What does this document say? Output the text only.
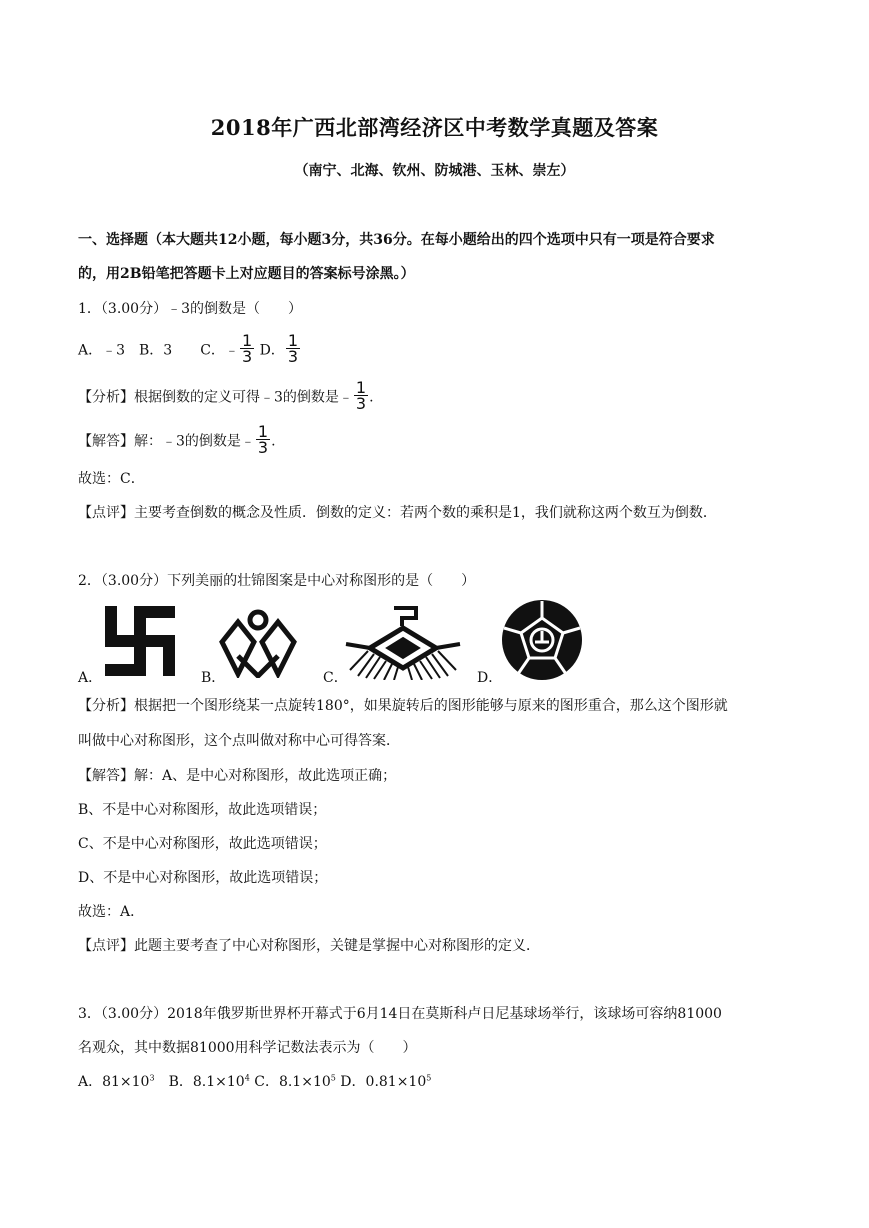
2018年广西北部湾经济区中考数学真题及答案
（南宁、北海、钦州、防城港、玉林、崇左）
一、选择题（本大题共12小题，每小题3分，共36分。在每小题给出的四个选项中只有一项是符合要求
的，用2B铅笔把答题卡上对应题目的答案标号涂黑。）
1．（3.00分）﹣3的倒数是（　　）
A．﹣3　B．3　　C．﹣ $\frac{1}{3}$ D． $\frac{1}{3}$
【分析】根据倒数的定义可得﹣3的倒数是﹣ $\frac{1}{3}$ .
【解答】解：﹣3的倒数是﹣ $\frac{1}{3}$ .
故选：C．
【点评】主要考查倒数的概念及性质．倒数的定义：若两个数的乘积是1，我们就称这两个数互为倒数．
2．（3.00分）下列美丽的壮锦图案是中心对称图形的是（　　）
A．	B．	C．	D．
【分析】根据把一个图形绕某一点旋转180°，如果旋转后的图形能够与原来的图形重合，那么这个图形就
叫做中心对称图形，这个点叫做对称中心可得答案．
【解答】解：A、是中心对称图形，故此选项正确；
B、不是中心对称图形，故此选项错误；
C、不是中心对称图形，故此选项错误；
D、不是中心对称图形，故此选项错误；
故选：A．
【点评】此题主要考查了中心对称图形，关键是掌握中心对称图形的定义．
3．（3.00分）2018年俄罗斯世界杯开幕式于6月14日在莫斯科卢日尼基球场举行，该球场可容纳81000
名观众，其中数据81000用科学记数法表示为（　　）
A．$81\times 10^3$　B．$8.1\times 10^4$ C．$8.1\times 10^5$ D．$0.81\times 10^5$
